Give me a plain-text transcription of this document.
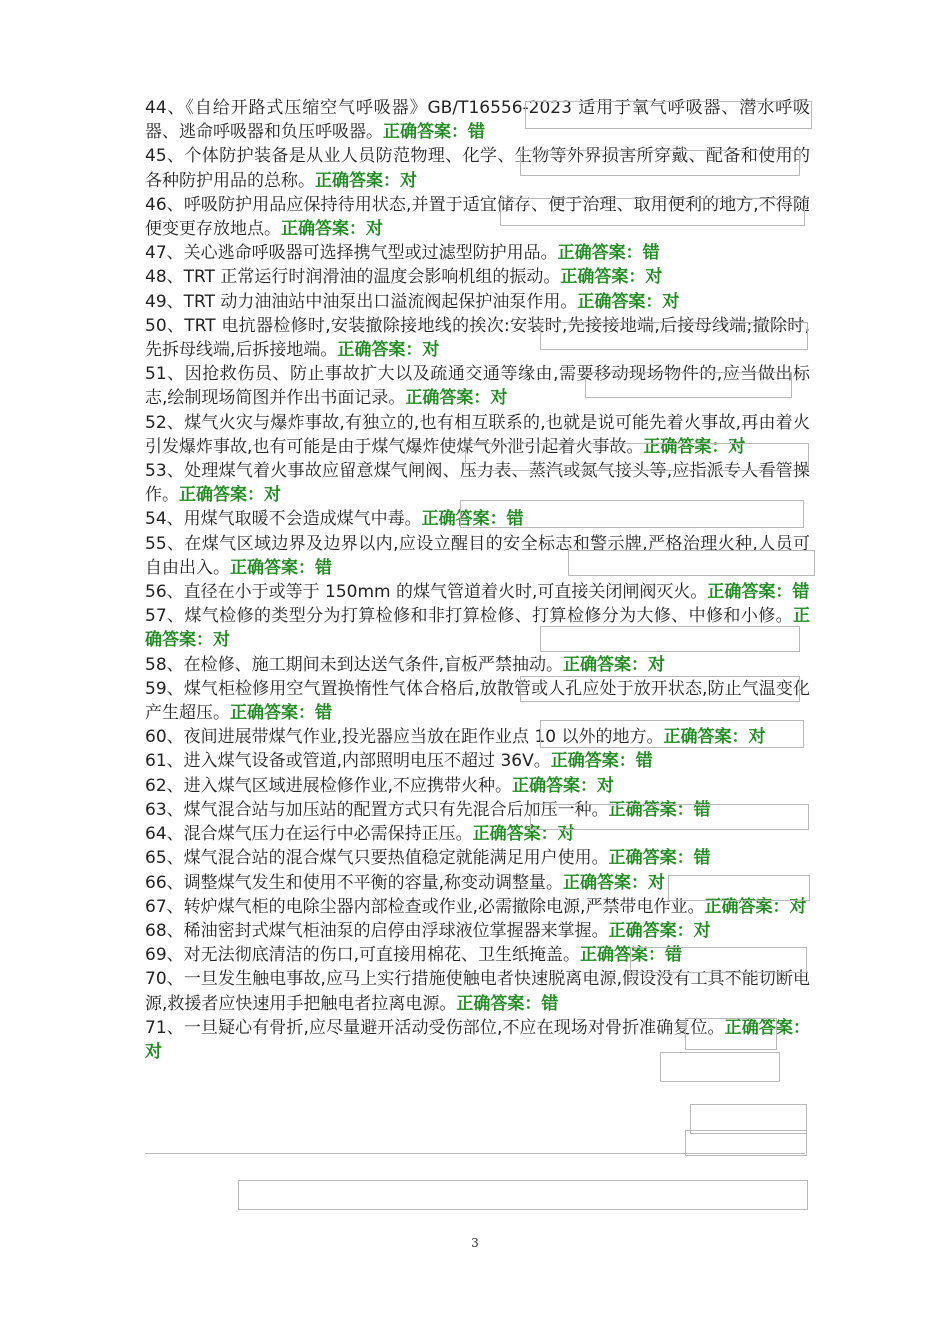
44、《自给开路式压缩空气呼吸器》GB/T16556-2023 适用于氧气呼吸器、潜水呼吸器、逃命呼吸器和负压呼吸器。正确答案：错

45、个体防护装备是从业人员防范物理、化学、生物等外界损害所穿戴、配备和使用的各种防护用品的总称。正确答案：对

46、呼吸防护用品应保持待用状态,并置于适宜储存、便于治理、取用便利的地方,不得随便变更存放地点。正确答案：对

47、关心逃命呼吸器可选择携气型或过滤型防护用品。正确答案：错

48、TRT 正常运行时润滑油的温度会影响机组的振动。正确答案：对

49、TRT 动力油油站中油泵出口溢流阀起保护油泵作用。正确答案：对

50、TRT 电抗器检修时,安装撤除接地线的挨次:安装时,先接接地端,后接母线端;撤除时,先拆母线端,后拆接地端。正确答案：对

51、因抢救伤员、防止事故扩大以及疏通交通等缘由,需要移动现场物件的,应当做出标志,绘制现场简图并作出书面记录。正确答案：对

52、煤气火灾与爆炸事故,有独立的,也有相互联系的,也就是说可能先着火事故,再由着火引发爆炸事故,也有可能是由于煤气爆炸使煤气外泄引起着火事故。正确答案：对

53、处理煤气着火事故应留意煤气闸阀、压力表、蒸汽或氮气接头等,应指派专人看管操作。正确答案：对

54、用煤气取暖不会造成煤气中毒。正确答案：错

55、在煤气区域边界及边界以内,应设立醒目的安全标志和警示牌,严格治理火种,人员可自由出入。正确答案：错

56、直径在小于或等于 150mm 的煤气管道着火时,可直接关闭闸阀灭火。正确答案：错

57、煤气检修的类型分为打算检修和非打算检修、打算检修分为大修、中修和小修。正确答案：对

58、在检修、施工期间未到达送气条件,盲板严禁抽动。正确答案：对

59、煤气柜检修用空气置换惰性气体合格后,放散管或人孔应处于放开状态,防止气温变化产生超压。正确答案：错

60、夜间进展带煤气作业,投光器应当放在距作业点 10 以外的地方。正确答案：对

61、进入煤气设备或管道,内部照明电压不超过 36V。正确答案：错

62、进入煤气区域进展检修作业,不应携带火种。正确答案：对

63、煤气混合站与加压站的配置方式只有先混合后加压一种。正确答案：错

64、混合煤气压力在运行中必需保持正压。正确答案：对

65、煤气混合站的混合煤气只要热值稳定就能满足用户使用。正确答案：错

66、调整煤气发生和使用不平衡的容量,称变动调整量。正确答案：对

67、转炉煤气柜的电除尘器内部检查或作业,必需撤除电源,严禁带电作业。正确答案：对

68、稀油密封式煤气柜油泵的启停由浮球液位掌握器来掌握。正确答案：对

69、对无法彻底清洁的伤口,可直接用棉花、卫生纸掩盖。正确答案：错

70、一旦发生触电事故,应马上实行措施使触电者快速脱离电源,假设没有工具不能切断电源,救援者应快速用手把触电者拉离电源。正确答案：错

71、一旦疑心有骨折,应尽量避开活动受伤部位,不应在现场对骨折准确复位。正确答案：对

3
